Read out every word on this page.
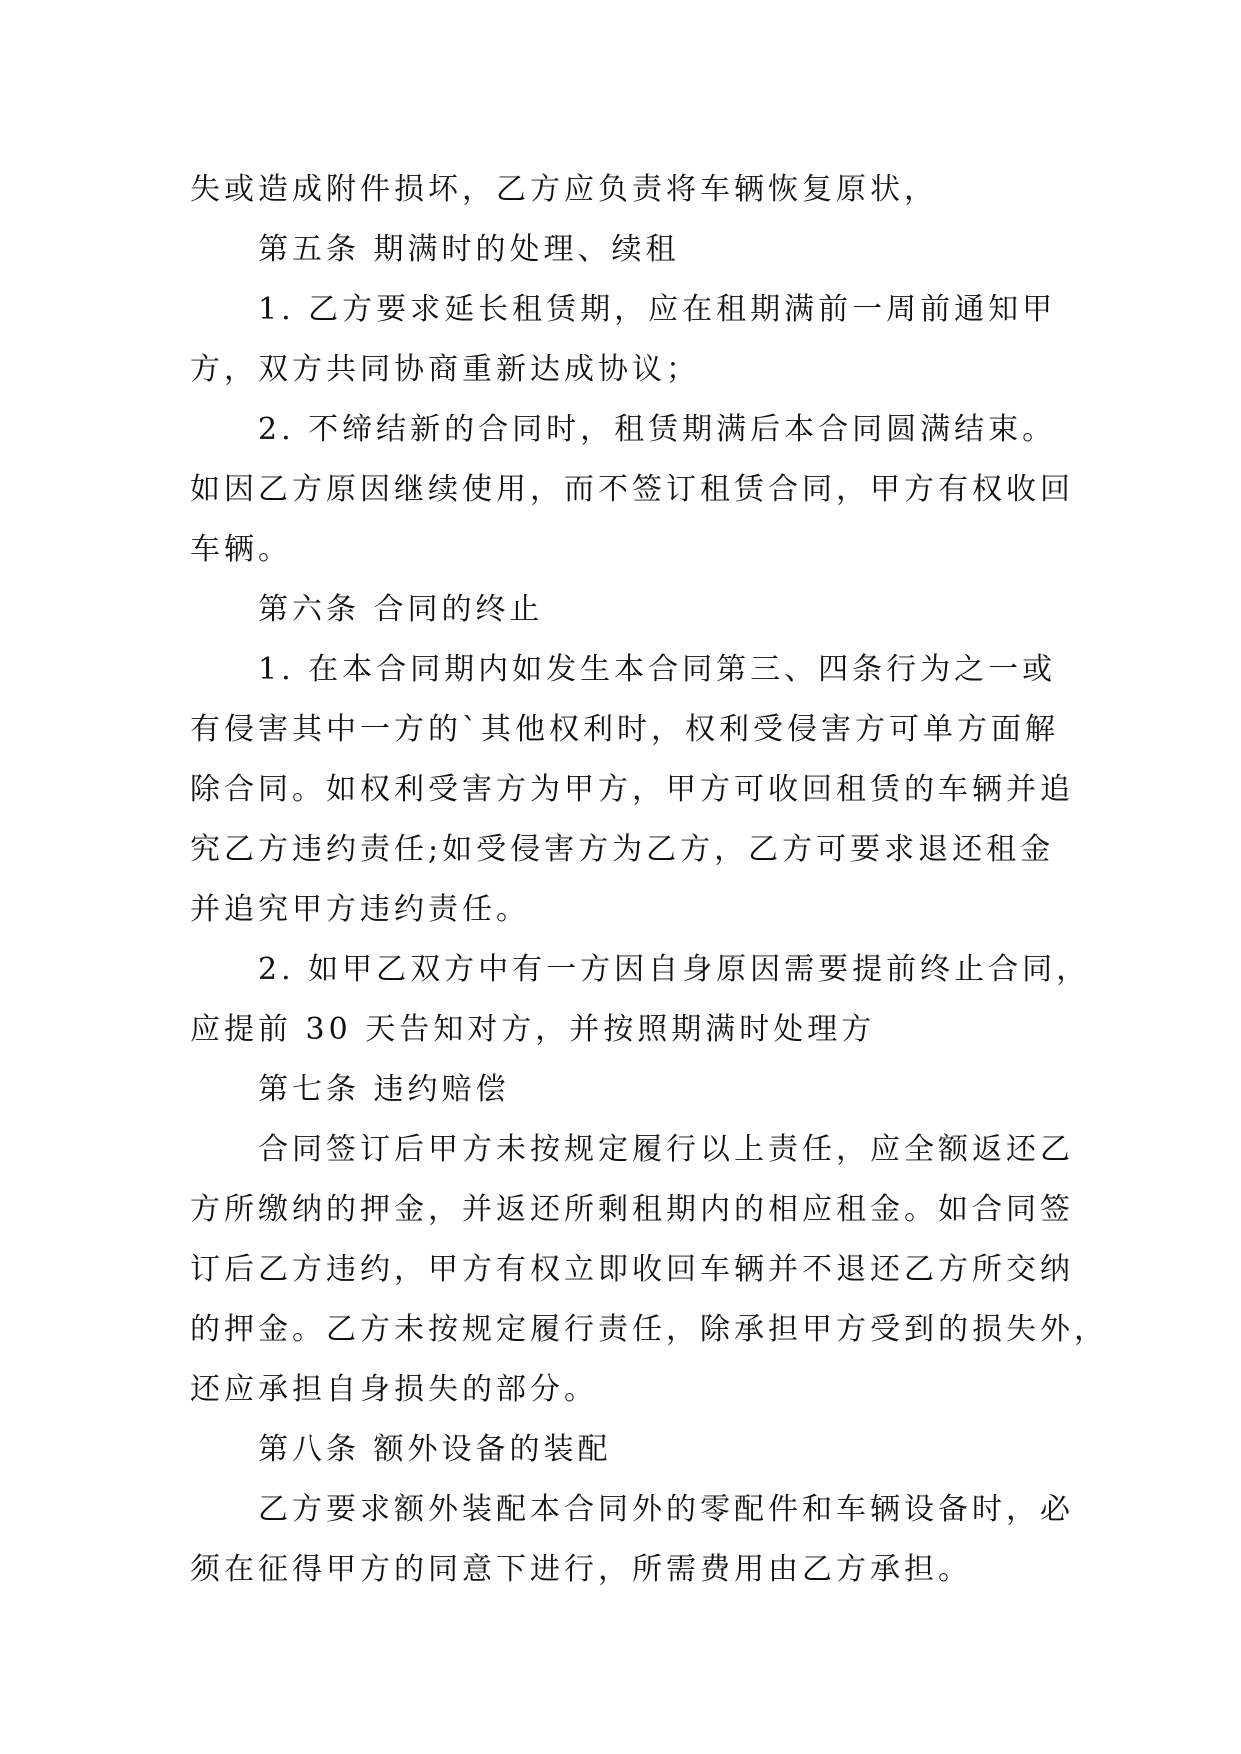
失或造成附件损坏，乙方应负责将车辆恢复原状，
第五条 期满时的处理、续租
1. 乙方要求延长租赁期，应在租期满前一周前通知甲
方，双方共同协商重新达成协议；
2. 不缔结新的合同时，租赁期满后本合同圆满结束。
如因乙方原因继续使用，而不签订租赁合同，甲方有权收回
车辆。
第六条 合同的终止
1. 在本合同期内如发生本合同第三、四条行为之一或
有侵害其中一方的`其他权利时，权利受侵害方可单方面解
除合同。如权利受害方为甲方，甲方可收回租赁的车辆并追
究乙方违约责任;如受侵害方为乙方，乙方可要求退还租金
并追究甲方违约责任。
2. 如甲乙双方中有一方因自身原因需要提前终止合同，
应提前 30 天告知对方，并按照期满时处理方
第七条 违约赔偿
合同签订后甲方未按规定履行以上责任，应全额返还乙
方所缴纳的押金，并返还所剩租期内的相应租金。如合同签
订后乙方违约，甲方有权立即收回车辆并不退还乙方所交纳
的押金。乙方未按规定履行责任，除承担甲方受到的损失外，
还应承担自身损失的部分。
第八条 额外设备的装配
乙方要求额外装配本合同外的零配件和车辆设备时，必
须在征得甲方的同意下进行，所需费用由乙方承担。
